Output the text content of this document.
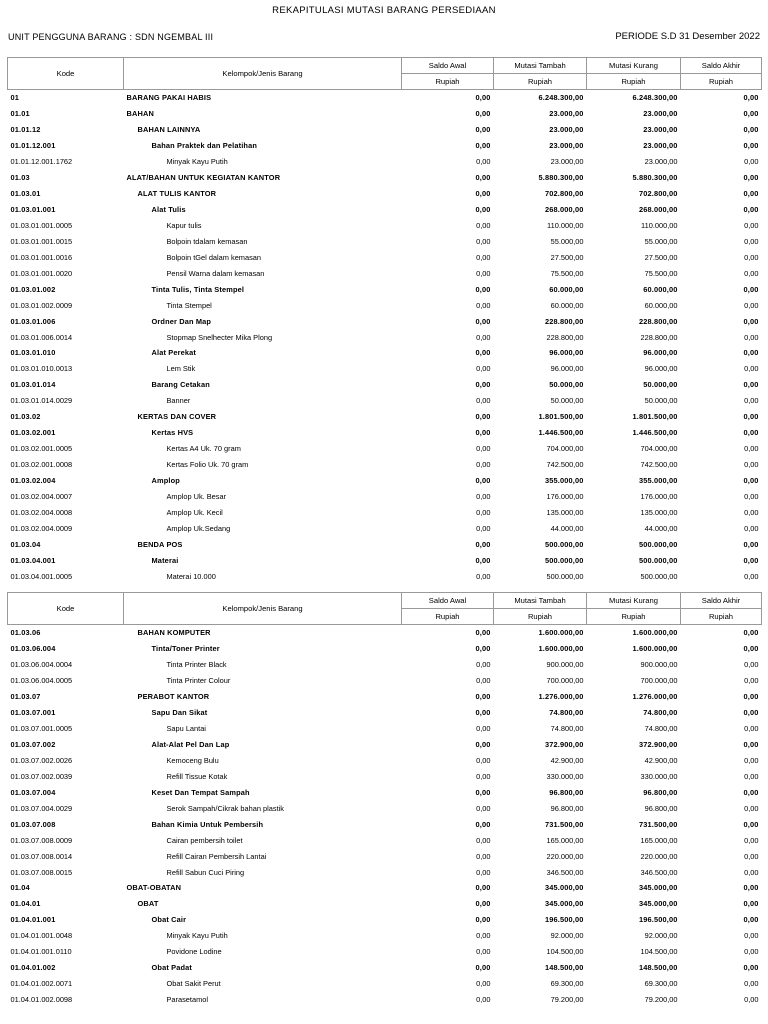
REKAPITULASI MUTASI BARANG PERSEDIAAN
UNIT PENGGUNA BARANG : SDN NGEMBAL III	PERIODE S.D 31 Desember 2022
Kode	Kelompok/Jenis Barang	Saldo Awal	Mutasi Tambah	Mutasi Kurang	Saldo Akhir
		Rupiah	Rupiah	Rupiah	Rupiah
01	BARANG PAKAI HABIS	0,00	6.248.300,00	6.248.300,00	0,00
01.01	BAHAN	0,00	23.000,00	23.000,00	0,00
01.01.12	BAHAN LAINNYA	0,00	23.000,00	23.000,00	0,00
01.01.12.001	Bahan Praktek dan Pelatihan	0,00	23.000,00	23.000,00	0,00
01.01.12.001.1762	Minyak Kayu Putih	0,00	23.000,00	23.000,00	0,00
01.03	ALAT/BAHAN UNTUK KEGIATAN KANTOR	0,00	5.880.300,00	5.880.300,00	0,00
01.03.01	ALAT TULIS KANTOR	0,00	702.800,00	702.800,00	0,00
01.03.01.001	Alat Tulis	0,00	268.000,00	268.000,00	0,00
01.03.01.001.0005	Kapur tulis	0,00	110.000,00	110.000,00	0,00
01.03.01.001.0015	Bolpoin tdalam kemasan	0,00	55.000,00	55.000,00	0,00
01.03.01.001.0016	Bolpoin tGel dalam kemasan	0,00	27.500,00	27.500,00	0,00
01.03.01.001.0020	Pensil Warna dalam kemasan	0,00	75.500,00	75.500,00	0,00
01.03.01.002	Tinta Tulis, Tinta Stempel	0,00	60.000,00	60.000,00	0,00
01.03.01.002.0009	Tinta Stempel	0,00	60.000,00	60.000,00	0,00
01.03.01.006	Ordner Dan Map	0,00	228.800,00	228.800,00	0,00
01.03.01.006.0014	Stopmap Snelhecter Mika Plong	0,00	228.800,00	228.800,00	0,00
01.03.01.010	Alat Perekat	0,00	96.000,00	96.000,00	0,00
01.03.01.010.0013	Lem Stik	0,00	96.000,00	96.000,00	0,00
01.03.01.014	Barang Cetakan	0,00	50.000,00	50.000,00	0,00
01.03.01.014.0029	Banner	0,00	50.000,00	50.000,00	0,00
01.03.02	KERTAS DAN COVER	0,00	1.801.500,00	1.801.500,00	0,00
01.03.02.001	Kertas HVS	0,00	1.446.500,00	1.446.500,00	0,00
01.03.02.001.0005	Kertas A4 Uk. 70 gram	0,00	704.000,00	704.000,00	0,00
01.03.02.001.0008	Kertas Folio Uk. 70 gram	0,00	742.500,00	742.500,00	0,00
01.03.02.004	Amplop	0,00	355.000,00	355.000,00	0,00
01.03.02.004.0007	Amplop Uk. Besar	0,00	176.000,00	176.000,00	0,00
01.03.02.004.0008	Amplop Uk. Kecil	0,00	135.000,00	135.000,00	0,00
01.03.02.004.0009	Amplop Uk.Sedang	0,00	44.000,00	44.000,00	0,00
01.03.04	BENDA POS	0,00	500.000,00	500.000,00	0,00
01.03.04.001	Materai	0,00	500.000,00	500.000,00	0,00
01.03.04.001.0005	Materai 10.000	0,00	500.000,00	500.000,00	0,00
Kode	Kelompok/Jenis Barang	Saldo Awal	Mutasi Tambah	Mutasi Kurang	Saldo Akhir
		Rupiah	Rupiah	Rupiah	Rupiah
01.03.06	BAHAN KOMPUTER	0,00	1.600.000,00	1.600.000,00	0,00
01.03.06.004	Tinta/Toner Printer	0,00	1.600.000,00	1.600.000,00	0,00
01.03.06.004.0004	Tinta Printer Black	0,00	900.000,00	900.000,00	0,00
01.03.06.004.0005	Tinta Printer Colour	0,00	700.000,00	700.000,00	0,00
01.03.07	PERABOT KANTOR	0,00	1.276.000,00	1.276.000,00	0,00
01.03.07.001	Sapu Dan Sikat	0,00	74.800,00	74.800,00	0,00
01.03.07.001.0005	Sapu Lantai	0,00	74.800,00	74.800,00	0,00
01.03.07.002	Alat-Alat Pel Dan Lap	0,00	372.900,00	372.900,00	0,00
01.03.07.002.0026	Kemoceng Bulu	0,00	42.900,00	42.900,00	0,00
01.03.07.002.0039	Refill Tissue Kotak	0,00	330.000,00	330.000,00	0,00
01.03.07.004	Keset Dan Tempat Sampah	0,00	96.800,00	96.800,00	0,00
01.03.07.004.0029	Serok Sampah/Cikrak bahan plastik	0,00	96.800,00	96.800,00	0,00
01.03.07.008	Bahan Kimia Untuk Pembersih	0,00	731.500,00	731.500,00	0,00
01.03.07.008.0009	Cairan pembersih toilet	0,00	165.000,00	165.000,00	0,00
01.03.07.008.0014	Refill Cairan Pembersih Lantai	0,00	220.000,00	220.000,00	0,00
01.03.07.008.0015	Refill Sabun Cuci Piring	0,00	346.500,00	346.500,00	0,00
01.04	OBAT-OBATAN	0,00	345.000,00	345.000,00	0,00
01.04.01	OBAT	0,00	345.000,00	345.000,00	0,00
01.04.01.001	Obat Cair	0,00	196.500,00	196.500,00	0,00
01.04.01.001.0048	Minyak Kayu Putih	0,00	92.000,00	92.000,00	0,00
01.04.01.001.0110	Povidone Lodine	0,00	104.500,00	104.500,00	0,00
01.04.01.002	Obat Padat	0,00	148.500,00	148.500,00	0,00
01.04.01.002.0071	Obat Sakit Perut	0,00	69.300,00	69.300,00	0,00
01.04.01.002.0098	Parasetamol	0,00	79.200,00	79.200,00	0,00
